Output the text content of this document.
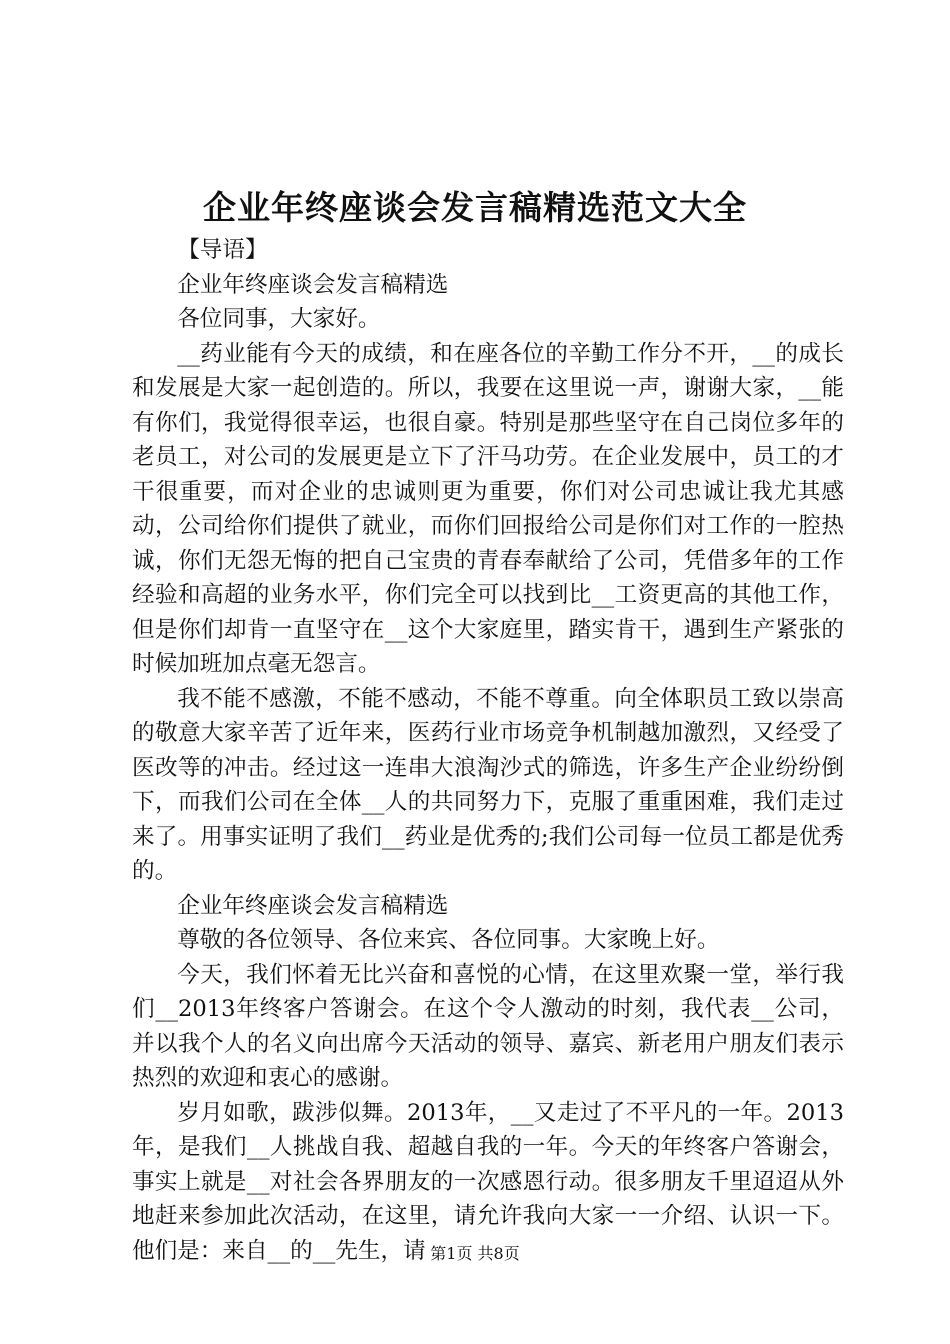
企业年终座谈会发言稿精选范文大全

【导语】

企业年终座谈会发言稿精选

各位同事，大家好。

__药业能有今天的成绩，和在座各位的辛勤工作分不开，__的成长和发展是大家一起创造的。所以，我要在这里说一声，谢谢大家，__能有你们，我觉得很幸运，也很自豪。特别是那些坚守在自己岗位多年的老员工，对公司的发展更是立下了汗马功劳。在企业发展中，员工的才干很重要，而对企业的忠诚则更为重要，你们对公司忠诚让我尤其感动，公司给你们提供了就业，而你们回报给公司是你们对工作的一腔热诚，你们无怨无悔的把自己宝贵的青春奉献给了公司，凭借多年的工作经验和高超的业务水平，你们完全可以找到比__工资更高的其他工作，但是你们却肯一直坚守在__这个大家庭里，踏实肯干，遇到生产紧张的时候加班加点毫无怨言。

我不能不感激，不能不感动，不能不尊重。向全体职员工致以崇高的敬意大家辛苦了近年来，医药行业市场竞争机制越加激烈，又经受了医改等的冲击。经过这一连串大浪淘沙式的筛选，许多生产企业纷纷倒下，而我们公司在全体__人的共同努力下，克服了重重困难，我们走过来了。用事实证明了我们__药业是优秀的;我们公司每一位员工都是优秀的。

企业年终座谈会发言稿精选

尊敬的各位领导、各位来宾、各位同事。大家晚上好。

今天，我们怀着无比兴奋和喜悦的心情，在这里欢聚一堂，举行我们__2013年终客户答谢会。在这个令人激动的时刻，我代表__公司，并以我个人的名义向出席今天活动的领导、嘉宾、新老用户朋友们表示热烈的欢迎和衷心的感谢。

岁月如歌，跋涉似舞。2013年，__又走过了不平凡的一年。2013年，是我们__人挑战自我、超越自我的一年。今天的年终客户答谢会，事实上就是__对社会各界朋友的一次感恩行动。很多朋友千里迢迢从外地赶来参加此次活动，在这里，请允许我向大家一一介绍、认识一下。他们是：来自__的__先生，请 第1页 共8页
